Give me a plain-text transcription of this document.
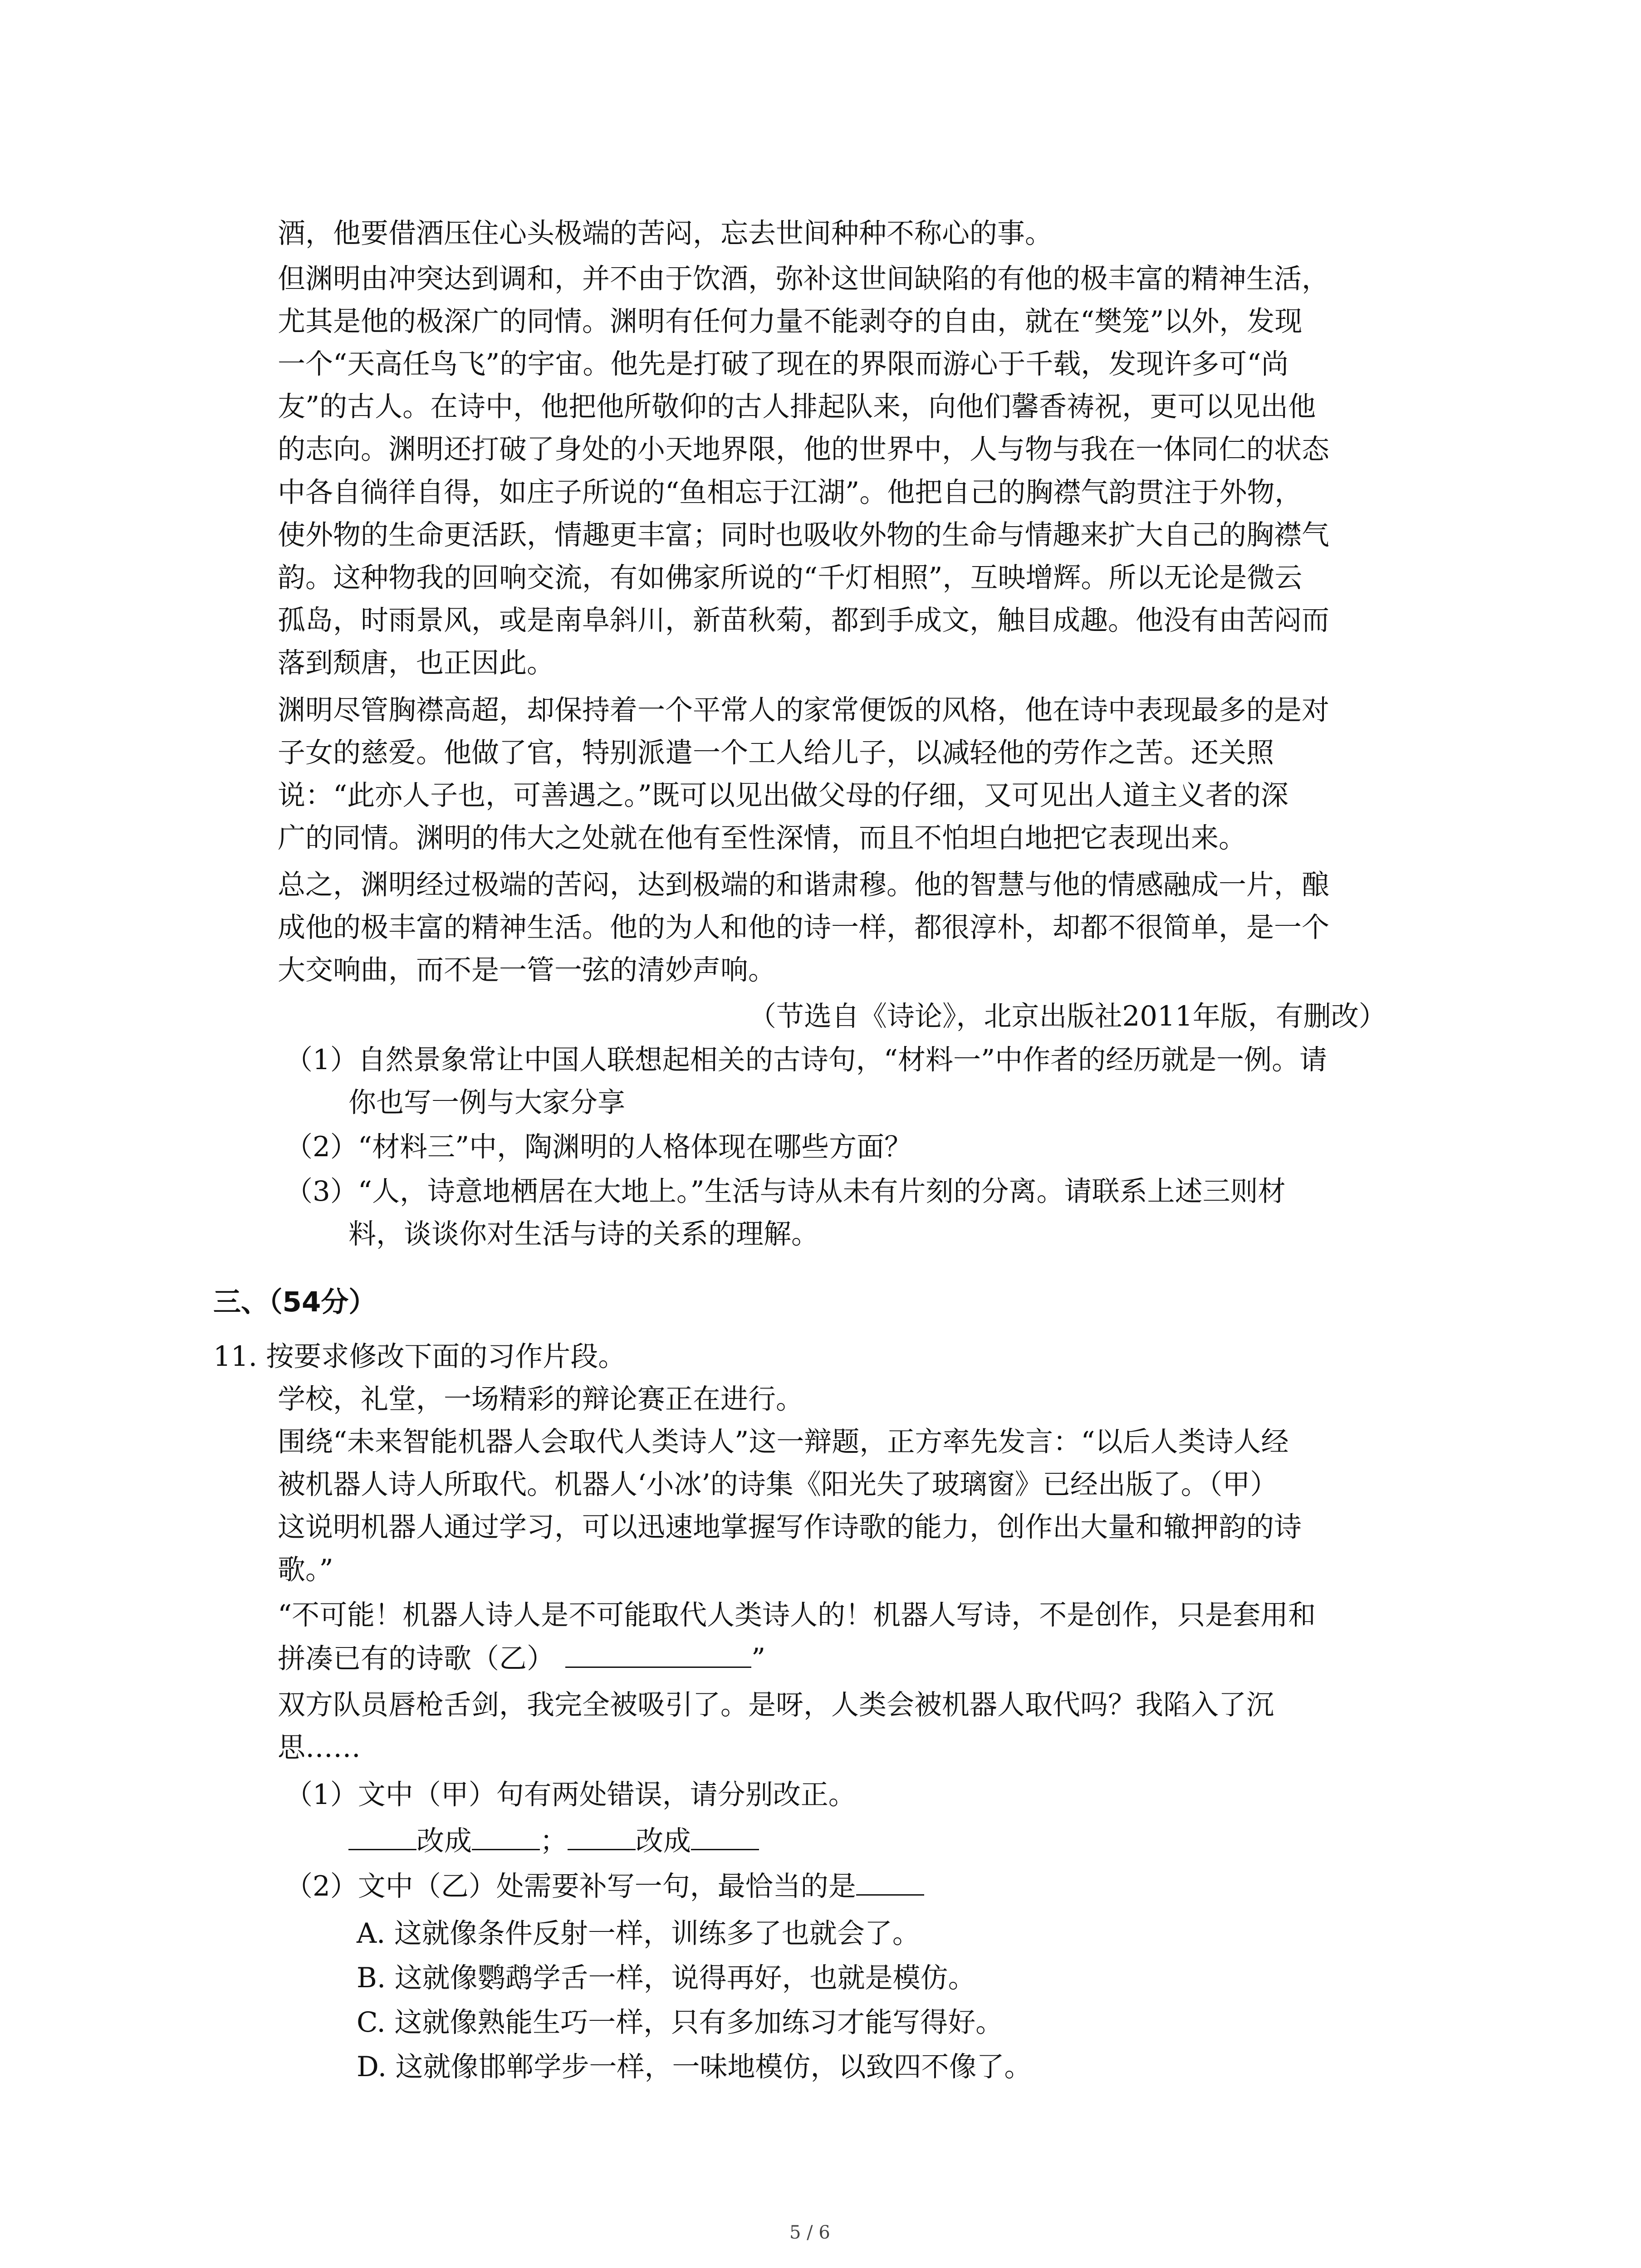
酒，他要借酒压住心头极端的苦闷，忘去世间种种不称心的事。
但渊明由冲突达到调和，并不由于饮酒，弥补这世间缺陷的有他的极丰富的精神生活，
尤其是他的极深广的同情。渊明有任何力量不能剥夺的自由，就在“樊笼”以外，发现
一个“天高任鸟飞”的宇宙。他先是打破了现在的界限而游心于千载，发现许多可“尚
友”的古人。在诗中，他把他所敬仰的古人排起队来，向他们馨香祷祝，更可以见出他
的志向。渊明还打破了身处的小天地界限，他的世界中，人与物与我在一体同仁的状态
中各自徜徉自得，如庄子所说的“鱼相忘于江湖”。他把自己的胸襟气韵贯注于外物，
使外物的生命更活跃，情趣更丰富；同时也吸收外物的生命与情趣来扩大自己的胸襟气
韵。这种物我的回响交流，有如佛家所说的“千灯相照”，互映增辉。所以无论是微云
孤岛，时雨景风，或是南阜斜川，新苗秋菊，都到手成文，触目成趣。他没有由苦闷而
落到颓唐，也正因此。
渊明尽管胸襟高超，却保持着一个平常人的家常便饭的风格，他在诗中表现最多的是对
子女的慈爱。他做了官，特别派遣一个工人给儿子，以减轻他的劳作之苦。还关照
说：“此亦人子也，可善遇之。”既可以见出做父母的仔细，又可见出人道主义者的深
广的同情。渊明的伟大之处就在他有至性深情，而且不怕坦白地把它表现出来。
总之，渊明经过极端的苦闷，达到极端的和谐肃穆。他的智慧与他的情感融成一片，酿
成他的极丰富的精神生活。他的为人和他的诗一样，都很淳朴，却都不很简单，是一个
大交响曲，而不是一管一弦的清妙声响。
（节选自《诗论》，北京出版社2011年版，有删改）
（1）自然景象常让中国人联想起相关的古诗句，“材料一”中作者的经历就是一例。请
你也写一例与大家分享
（2）“材料三”中，陶渊明的人格体现在哪些方面？
（3）“人，诗意地栖居在大地上。”生活与诗从未有片刻的分离。请联系上述三则材
料，谈谈你对生活与诗的关系的理解。
三、（54分）
11. 按要求修改下面的习作片段。
学校，礼堂，一场精彩的辩论赛正在进行。
围绕“未来智能机器人会取代人类诗人”这一辩题，正方率先发言：“以后人类诗人经
被机器人诗人所取代。机器人‘小冰’的诗集《阳光失了玻璃窗》已经出版了。（甲）
这说明机器人通过学习，可以迅速地掌握写作诗歌的能力，创作出大量和辙押韵的诗
歌。”
“不可能！机器人诗人是不可能取代人类诗人的！机器人写诗，不是创作，只是套用和
拼凑已有的诗歌（乙）	”
双方队员唇枪舌剑，我完全被吸引了。是呀，人类会被机器人取代吗？我陷入了沉
思……
（1）文中（甲）句有两处错误，请分别改正。
改成 ； 改成
（2）文中（乙）处需要补写一句，最恰当的是
A. 这就像条件反射一样，训练多了也就会了。
B. 这就像鹦鹉学舌一样，说得再好，也就是模仿。
C. 这就像熟能生巧一样，只有多加练习才能写得好。
D. 这就像邯郸学步一样，一味地模仿，以致四不像了。
5 / 6
